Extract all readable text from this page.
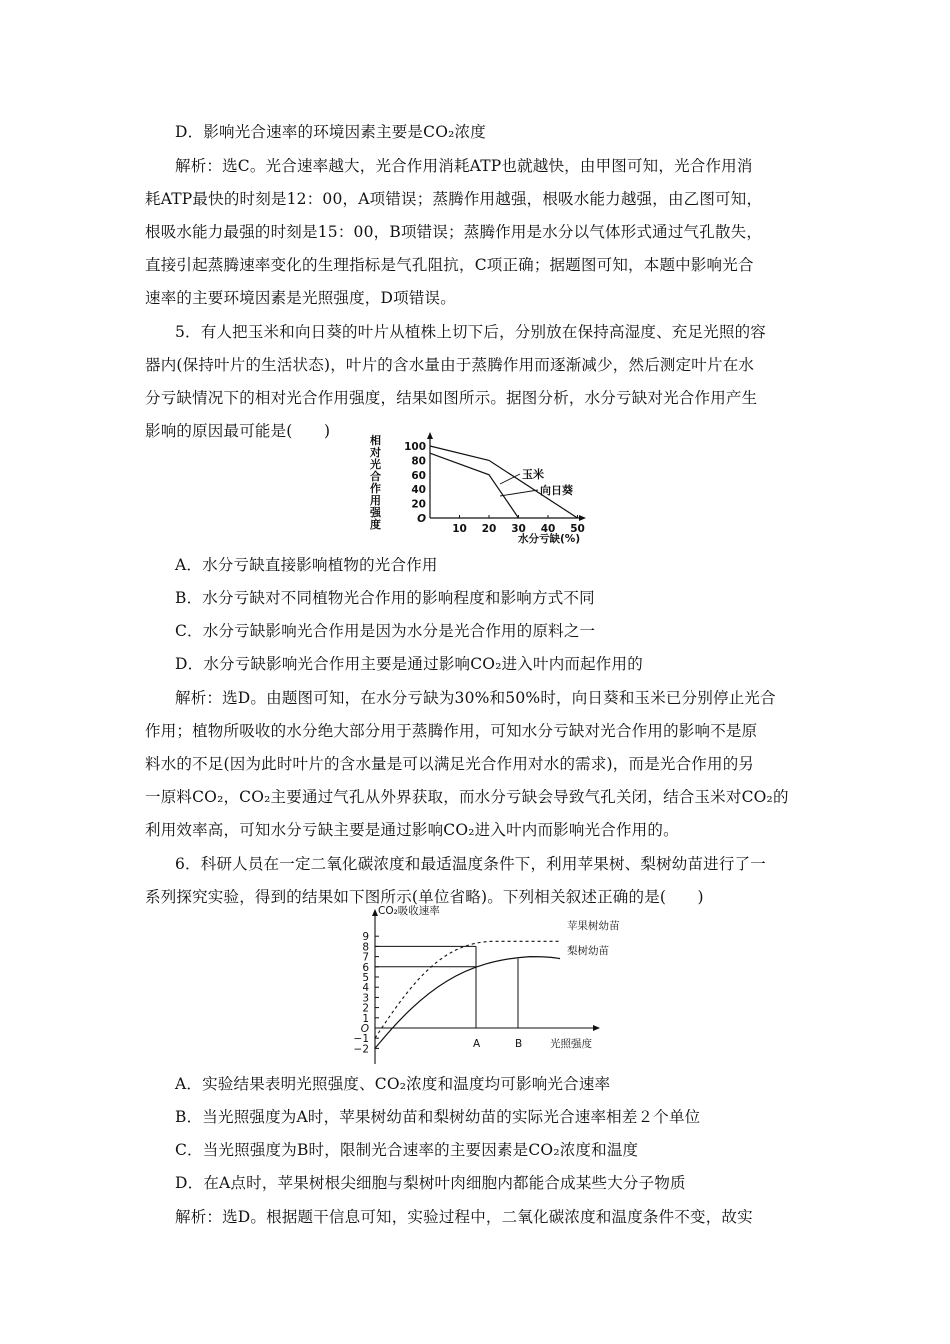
D．影响光合速率的环境因素主要是CO₂浓度
解析：选C。光合速率越大，光合作用消耗ATP也就越快，由甲图可知，光合作用消
耗ATP最快的时刻是12：00，A项错误；蒸腾作用越强，根吸水能力越强，由乙图可知，
根吸水能力最强的时刻是15：00，B项错误；蒸腾作用是水分以气体形式通过气孔散失，
直接引起蒸腾速率变化的生理指标是气孔阻抗，C项正确；据题图可知，本题中影响光合
速率的主要环境因素是光照强度，D项错误。
5．有人把玉米和向日葵的叶片从植株上切下后，分别放在保持高湿度、充足光照的容
器内(保持叶片的生活状态)，叶片的含水量由于蒸腾作用而逐渐减少，然后测定叶片在水
分亏缺情况下的相对光合作用强度，结果如图所示。据图分析，水分亏缺对光合作用产生
影响的原因最可能是(　　)
相
对
光
合
作
用
强
度
100
80
60
40
20
O
10 20 30 40 50
水分亏缺(%)
玉米
向日葵
A．水分亏缺直接影响植物的光合作用
B．水分亏缺对不同植物光合作用的影响程度和影响方式不同
C．水分亏缺影响光合作用是因为水分是光合作用的原料之一
D．水分亏缺影响光合作用主要是通过影响CO₂进入叶内而起作用的
解析：选D。由题图可知，在水分亏缺为30%和50%时，向日葵和玉米已分别停止光合
作用；植物所吸收的水分绝大部分用于蒸腾作用，可知水分亏缺对光合作用的影响不是原
料水的不足(因为此时叶片的含水量是可以满足光合作用对水的需求)，而是光合作用的另
一原料CO₂，CO₂主要通过气孔从外界获取，而水分亏缺会导致气孔关闭，结合玉米对CO₂的
利用效率高，可知水分亏缺主要是通过影响CO₂进入叶内而影响光合作用的。
6．科研人员在一定二氧化碳浓度和最适温度条件下，利用苹果树、梨树幼苗进行了一
系列探究实验，得到的结果如下图所示(单位省略)。下列相关叙述正确的是(　　)
CO₂吸收速率
9
8
7
6
5
4
3
2
1
O
−1
−2	A	B	光照强度
苹果树幼苗
梨树幼苗
A．实验结果表明光照强度、CO₂浓度和温度均可影响光合速率
B．当光照强度为A时，苹果树幼苗和梨树幼苗的实际光合速率相差２个单位
C．当光照强度为B时，限制光合速率的主要因素是CO₂浓度和温度
D．在A点时，苹果树根尖细胞与梨树叶肉细胞内都能合成某些大分子物质
解析：选D。根据题干信息可知，实验过程中，二氧化碳浓度和温度条件不变，故实
